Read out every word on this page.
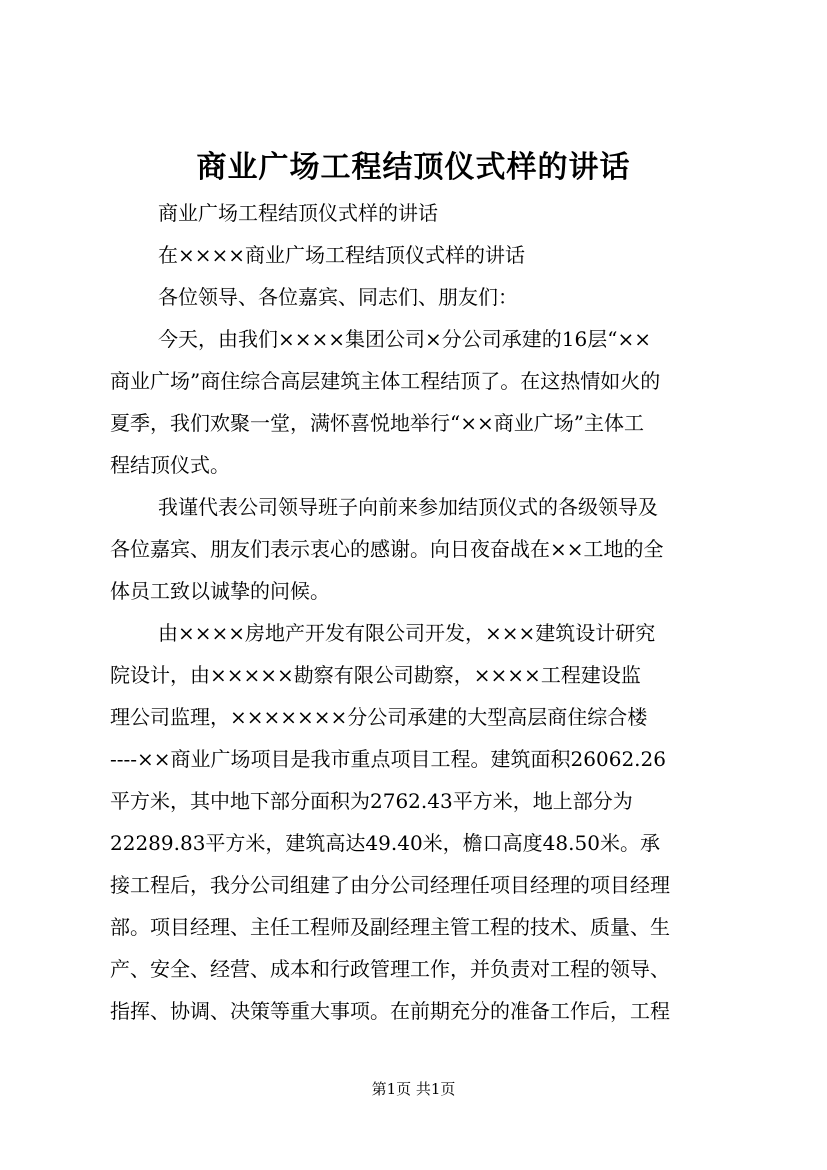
商业广场工程结顶仪式样的讲话

商业广场工程结顶仪式样的讲话

在××××商业广场工程结顶仪式样的讲话

各位领导、各位嘉宾、同志们、朋友们：

今天，由我们××××集团公司×分公司承建的16层“××

商业广场”商住综合高层建筑主体工程结顶了。在这热情如火的

夏季，我们欢聚一堂，满怀喜悦地举行“××商业广场”主体工

程结顶仪式。

我谨代表公司领导班子向前来参加结顶仪式的各级领导及

各位嘉宾、朋友们表示衷心的感谢。向日夜奋战在××工地的全

体员工致以诚挚的问候。

由××××房地产开发有限公司开发，×××建筑设计研究

院设计，由×××××勘察有限公司勘察，××××工程建设监

理公司监理，×××××××分公司承建的大型高层商住综合楼

----××商业广场项目是我市重点项目工程。建筑面积26062.26

平方米，其中地下部分面积为2762.43平方米，地上部分为

22289.83平方米，建筑高达49.40米，檐口高度48.50米。承

接工程后，我分公司组建了由分公司经理任项目经理的项目经理

部。项目经理、主任工程师及副经理主管工程的技术、质量、生

产、安全、经营、成本和行政管理工作，并负责对工程的领导、

指挥、协调、决策等重大事项。在前期充分的准备工作后，工程

第1页 共1页
